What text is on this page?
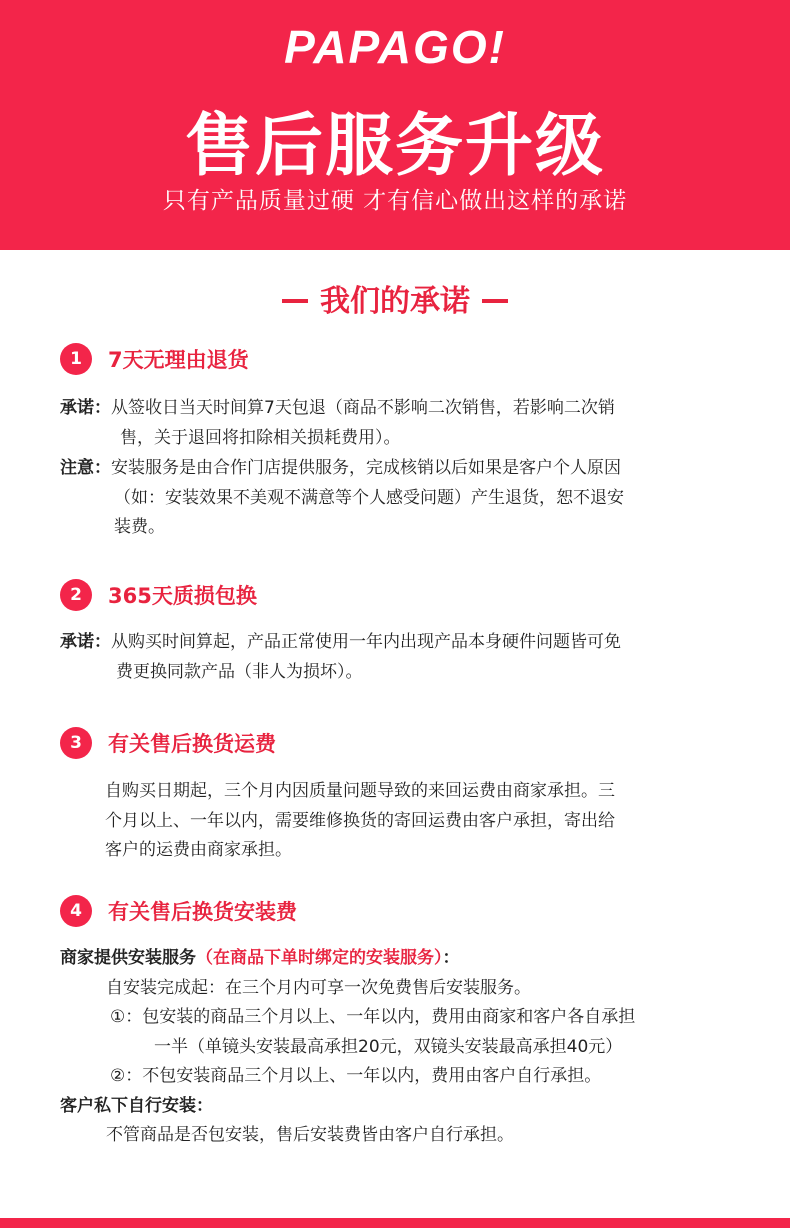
PAPAGO!
售后服务升级
只有产品质量过硬 才有信心做出这样的承诺
我们的承诺
1	7天无理由退货
承诺：从签收日当天时间算7天包退（商品不影响二次销售，若影响二次销
售，关于退回将扣除相关损耗费用）。
注意：安装服务是由合作门店提供服务，完成核销以后如果是客户个人原因
（如：安装效果不美观不满意等个人感受问题）产生退货，恕不退安
装费。
2	365天质损包换
承诺：从购买时间算起，产品正常使用一年内出现产品本身硬件问题皆可免
费更换同款产品（非人为损坏）。
3	有关售后换货运费
自购买日期起，三个月内因质量问题导致的来回运费由商家承担。三
个月以上、一年以内，需要维修换货的寄回运费由客户承担，寄出给
客户的运费由商家承担。
4	有关售后换货安装费
商家提供安装服务（在商品下单时绑定的安装服务）：
自安装完成起：在三个月内可享一次免费售后安装服务。
①：包安装的商品三个月以上、一年以内，费用由商家和客户各自承担
一半（单镜头安装最高承担20元，双镜头安装最高承担40元）
②：不包安装商品三个月以上、一年以内，费用由客户自行承担。
客户私下自行安装：
不管商品是否包安装，售后安装费皆由客户自行承担。
